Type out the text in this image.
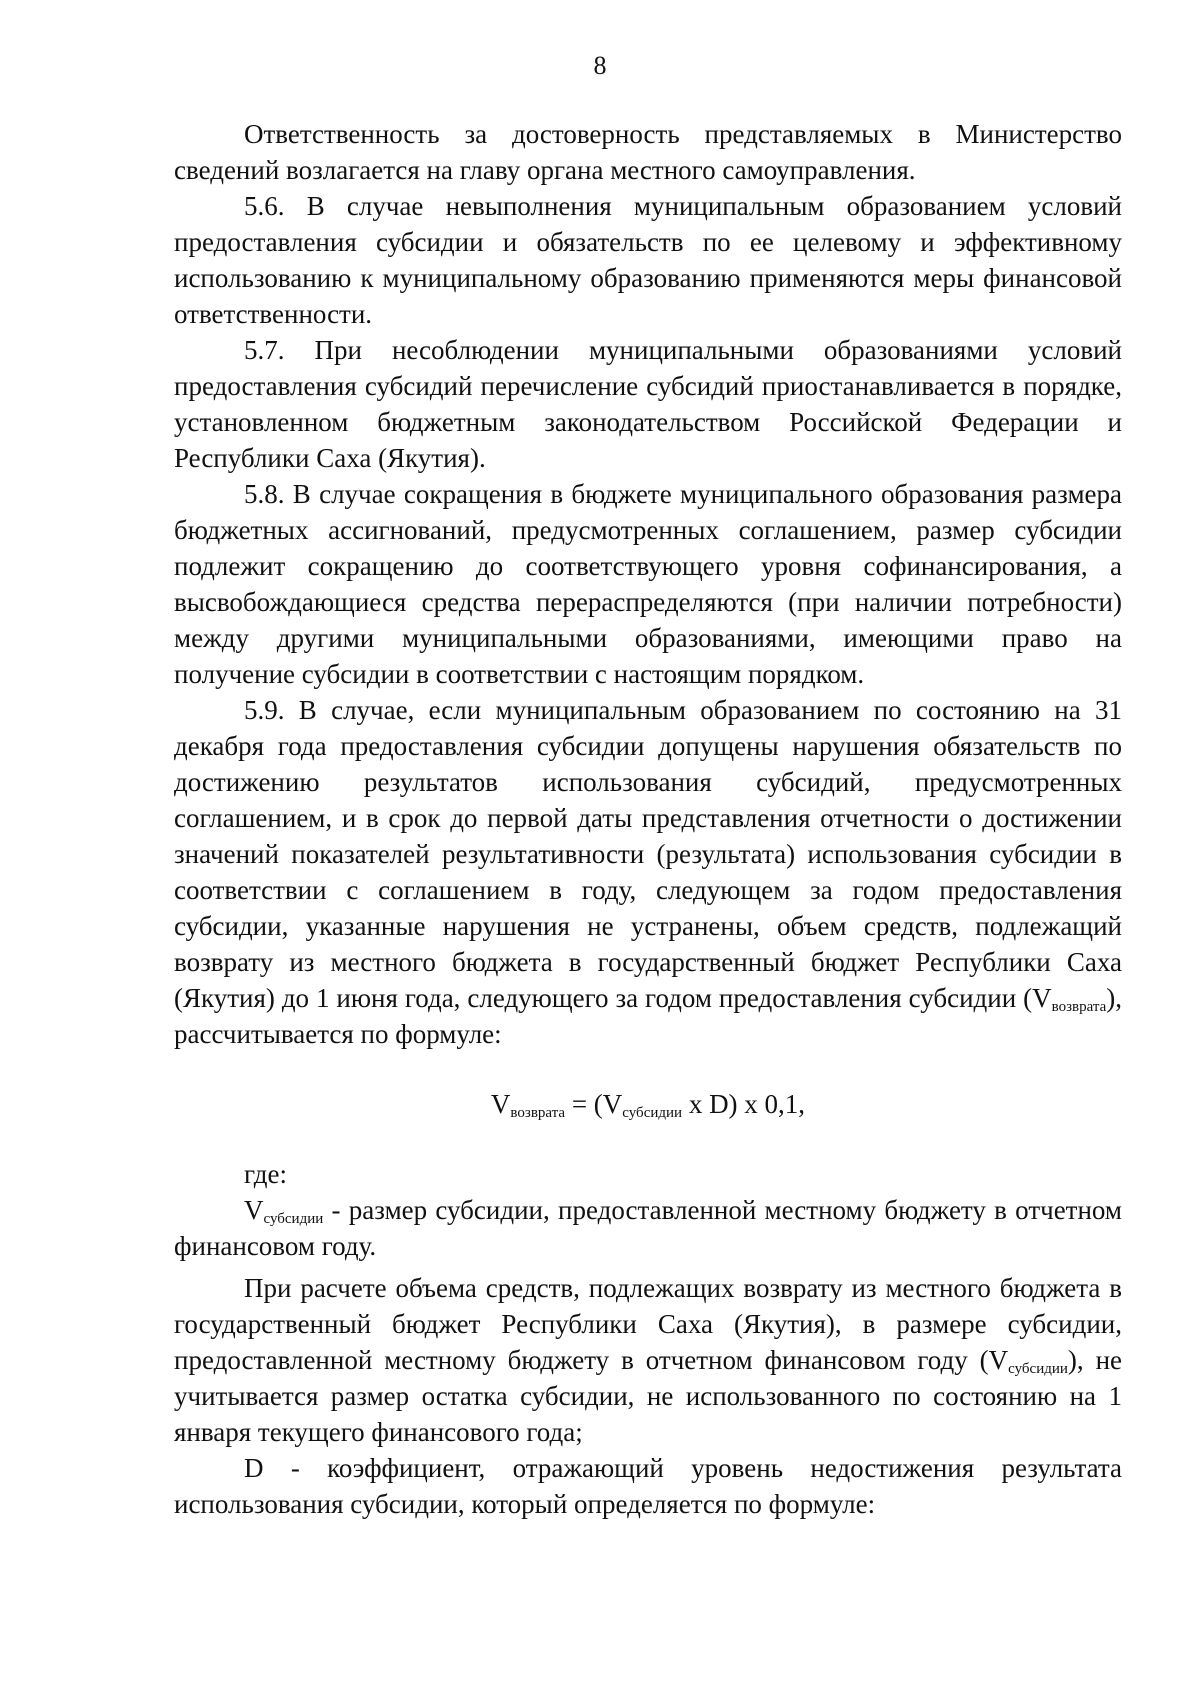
8

Ответственность за достоверность представляемых в Министерство сведений возлагается на главу органа местного самоуправления.

5.6. В случае невыполнения муниципальным образованием условий предоставления субсидии и обязательств по ее целевому и эффективному использованию к муниципальному образованию применяются меры финансовой ответственности.

5.7. При несоблюдении муниципальными образованиями условий предоставления субсидий перечисление субсидий приостанавливается в порядке, установленном бюджетным законодательством Российской Федерации и Республики Саха (Якутия).

5.8. В случае сокращения в бюджете муниципального образования размера бюджетных ассигнований, предусмотренных соглашением, размер субсидии подлежит сокращению до соответствующего уровня софинансирования, а высвобождающиеся средства перераспределяются (при наличии потребности) между другими муниципальными образованиями, имеющими право на получение субсидии в соответствии с настоящим порядком.

5.9. В случае, если муниципальным образованием по состоянию на 31 декабря года предоставления субсидии допущены нарушения обязательств по достижению результатов использования субсидий, предусмотренных соглашением, и в срок до первой даты представления отчетности о достижении значений показателей результативности (результата) использования субсидии в соответствии с соглашением в году, следующем за годом предоставления субсидии, указанные нарушения не устранены, объем средств, подлежащий возврату из местного бюджета в государственный бюджет Республики Саха (Якутия) до 1 июня года, следующего за годом предоставления субсидии $(V_{возврата})$, рассчитывается по формуле:

$V_{возврата} = (V_{субсидии}$ x D) x 0,1,

где:

$V_{субсидии}$ - размер субсидии, предоставленной местному бюджету в отчетном финансовом году.

При расчете объема средств, подлежащих возврату из местного бюджета в государственный бюджет Республики Саха (Якутия), в размере субсидии, предоставленной местному бюджету в отчетном финансовом году $(V_{субсидии})$, не учитывается размер остатка субсидии, не использованного по состоянию на 1 января текущего финансового года;

D - коэффициент, отражающий уровень недостижения результата использования субсидии, который определяется по формуле:
